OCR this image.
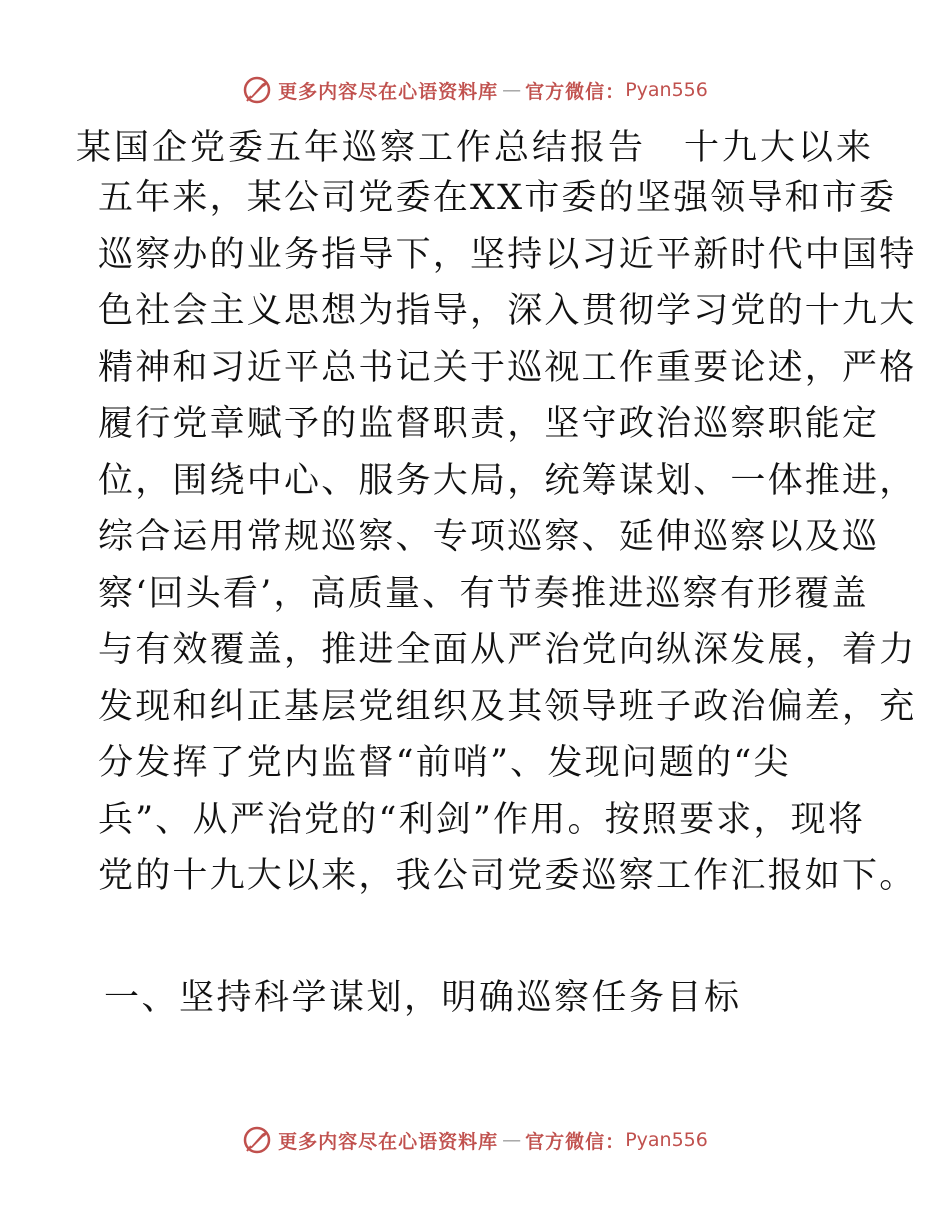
更多内容尽在心语资料库 — 官方微信： Pyan556
某国企党委五年巡察工作总结报告　十九大以来
五年来，某公司党委在XX市委的坚强领导和市委
巡察办的业务指导下，坚持以习近平新时代中国特
色社会主义思想为指导，深入贯彻学习党的十九大
精神和习近平总书记关于巡视工作重要论述，严格
履行党章赋予的监督职责，坚守政治巡察职能定
位，围绕中心、服务大局，统筹谋划、一体推进，
综合运用常规巡察、专项巡察、延伸巡察以及巡
察‘回头看’，高质量、有节奏推进巡察有形覆盖
与有效覆盖，推进全面从严治党向纵深发展，着力
发现和纠正基层党组织及其领导班子政治偏差，充
分发挥了党内监督“前哨”、发现问题的“尖
兵”、从严治党的“利剑”作用。按照要求，现将
党的十九大以来，我公司党委巡察工作汇报如下。
一、坚持科学谋划，明确巡察任务目标
更多内容尽在心语资料库 — 官方微信： Pyan556
